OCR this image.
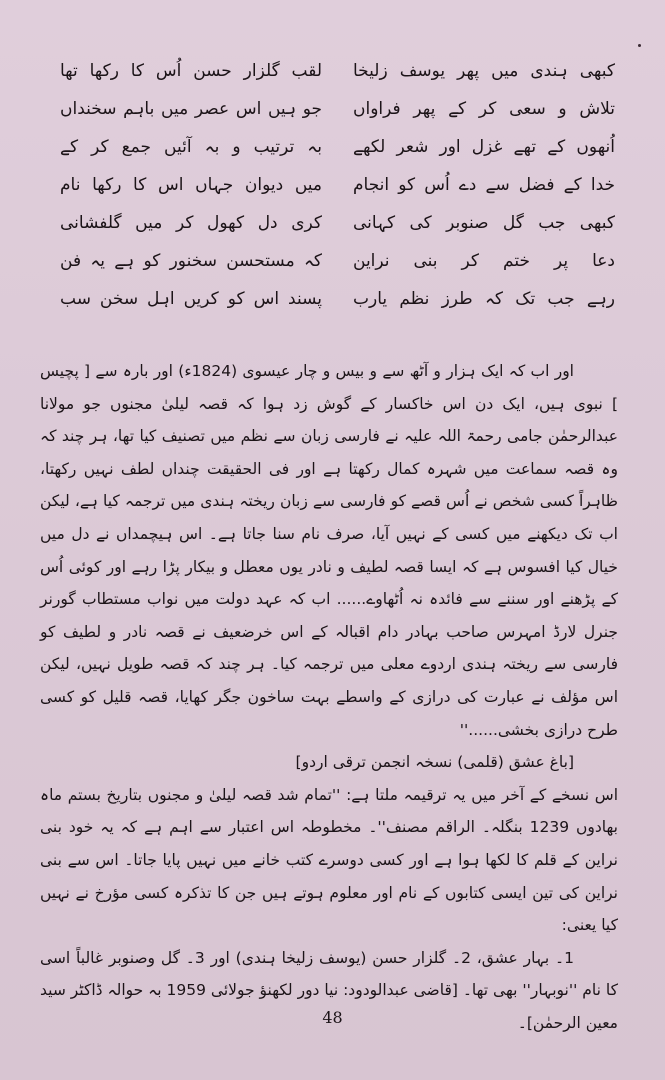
لقب گلزار حسن اُس کا رکھا تھا
جو ہیں اس عصر میں باہم سخنداں
بہ ترتیب و بہ آئیں جمع کر کے
میں دیوان جہاں اس کا رکھا نام
کری دل کھول کر میں گلفشانی
کہ مستحسن سخنور کو ہے یہ فن
پسند اس کو کریں اہل سخن سب
کبھی ہندی میں پھر یوسف زلیخا
تلاش و سعی کر کے پھر فراواں
اُنھوں کے تھے غزل اور شعر لکھے
خدا کے فضل سے دے اُس کو انجام
کبھی جب گل صنوبر کی کہانی
دعا پر ختم کر بنی نراین
رہے جب تک کہ طرز نظم یارب

اور اب کہ ایک ہزار و آٹھ سے و بیس و چار عیسوی (1824ء) اور بارہ سے [ پچیس ] نبوی ہیں، ایک دن اس خاکسار کے گوش زد ہوا کہ قصہ لیلیٰ مجنوں جو مولانا عبدالرحمٰن جامی رحمۃ اللہ علیہ نے فارسی زبان سے نظم میں تصنیف کیا تھا، ہر چند کہ وہ قصہ سماعت میں شہرہ کمال رکھتا ہے اور فی الحقیقت چنداں لطف نہیں رکھتا، ظاہراً کسی شخص نے اُس قصے کو فارسی سے زبان ریختہ ہندی میں ترجمہ کیا ہے، لیکن اب تک دیکھنے میں کسی کے نہیں آیا، صرف نام سنا جاتا ہے۔ اس ہیچمداں نے دل میں خیال کیا افسوس ہے کہ ایسا قصہ لطیف و نادر یوں معطل و بیکار پڑا رہے اور کوئی اُس کے پڑھنے اور سننے سے فائدہ نہ اُٹھاوے...... اب کہ عہد دولت میں نواب مستطاب گورنر جنرل لارڈ امہرس صاحب بہادر دام اقبالہ کے اس خرضعیف نے قصہ نادر و لطیف کو فارسی سے ریختہ ہندی اردوے معلی میں ترجمہ کیا۔ ہر چند کہ قصہ طویل نہیں، لیکن اس مؤلف نے عبارت کی درازی کے واسطے بہت ساخون جگر کھایا، قصہ قلیل کو کسی طرح درازی بخشی......''

[باغ عشق (قلمی) نسخہ انجمن ترقی اردو]

اس نسخے کے آخر میں یہ ترقیمہ ملتا ہے: ''تمام شد قصہ لیلیٰ و مجنوں بتاریخ بستم ماہ بھادوں 1239 بنگلہ۔ الراقم مصنف''۔ مخطوطہ اس اعتبار سے اہم ہے کہ یہ خود بنی نراین کے قلم کا لکھا ہوا ہے اور کسی دوسرے کتب خانے میں نہیں پایا جاتا۔ اس سے بنی نراین کی تین ایسی کتابوں کے نام اور معلوم ہوتے ہیں جن کا تذکرہ کسی مؤرخ نے نہیں کیا یعنی:

1۔ بہار عشق، 2۔ گلزار حسن (یوسف زلیخا ہندی) اور 3۔ گل وصنوبر غالباً اسی کا نام ''نوبہار'' بھی تھا۔ [قاضی عبدالودود: نیا دور لکھنؤ جولائی 1959 بہ حوالہ ڈاکٹر سید معین الرحمٰن]۔

48
